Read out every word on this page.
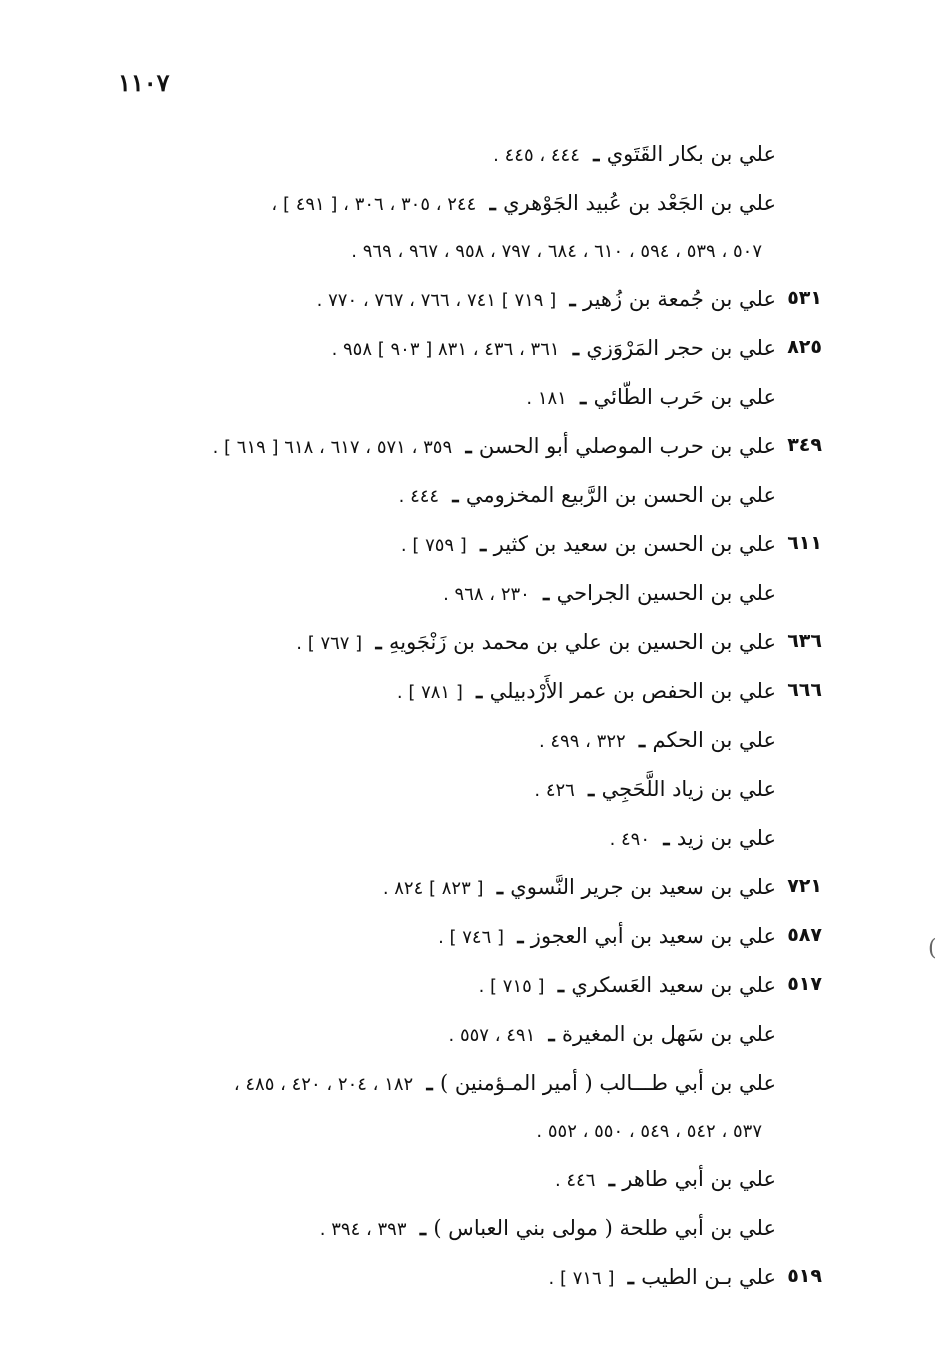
١١٠٧
علي بن بكار القَتَوي ـ ٤٤٤ ، ٤٤٥ .
علي بن الجَعْد بن عُبيد الجَوْهري ـ ٢٤٤ ، ٣٠٥ ، ٣٠٦ ، [ ٤٩١ ] ،
٥٠٧ ، ٥٣٩ ، ٥٩٤ ، ٦١٠ ، ٦٨٤ ، ٧٩٧ ، ٩٥٨ ، ٩٦٧ ، ٩٦٩ .
٥٣١
علي بن جُمعة بن زُهير ـ [ ٧١٩ ] ٧٤١ ، ٧٦٦ ، ٧٦٧ ، ٧٧٠ .
٨٢٥
علي بن حجر المَرْوَزي ـ ٣٦١ ، ٤٣٦ ، ٨٣١ [ ٩٠٣ ] ٩٥٨ .
علي بن حَرب الطّائي ـ ١٨١ .
٣٤٩
علي بن حرب الموصلي أبو الحسن ـ ٣٥٩ ، ٥٧١ ، ٦١٧ ، ٦١٨ [ ٦١٩ ] .
علي بن الحسن بن الرَّبيع المخزومي ـ ٤٤٤ .
٦١١
علي بن الحسن بن سعيد بن كثير ـ [ ٧٥٩ ] .
علي بن الحسين الجراحي ـ ٢٣٠ ، ٩٦٨ .
٦٣٦
علي بن الحسين بن علي بن محمد بن زَنْجَويهِ ـ [ ٧٦٧ ] .
٦٦٦
علي بن الحفص بن عمر الأَرْدبيلي ـ [ ٧٨١ ] .
علي بن الحكم ـ ٣٢٢ ، ٤٩٩ .
علي بن زياد اللَّحَجِي ـ ٤٢٦ .
علي بن زيد ـ ٤٩٠ .
٧٢١
علي بن سعيد بن جرير النَّسوي ـ [ ٨٢٣ ] ٨٢٤ .
٥٨٧
علي بن سعيد بن أبي العجوز ـ [ ٧٤٦ ] .
٥١٧
علي بن سعيد العَسكري ـ [ ٧١٥ ] .
علي بن سَهل بن المغيرة ـ ٤٩١ ، ٥٥٧ .
علي بن أبي طـــالب ( أمير المـؤمنين ) ـ ١٨٢ ، ٢٠٤ ، ٤٢٠ ، ٤٨٥ ،
٥٣٧ ، ٥٤٢ ، ٥٤٩ ، ٥٥٠ ، ٥٥٢ .
علي بن أبي طاهر ـ ٤٤٦ .
علي بن أبي طلحة ( مولى بني العباس ) ـ ٣٩٣ ، ٣٩٤ .
٥١٩
علي بـن الطيب ـ [ ٧١٦ ] .
(
